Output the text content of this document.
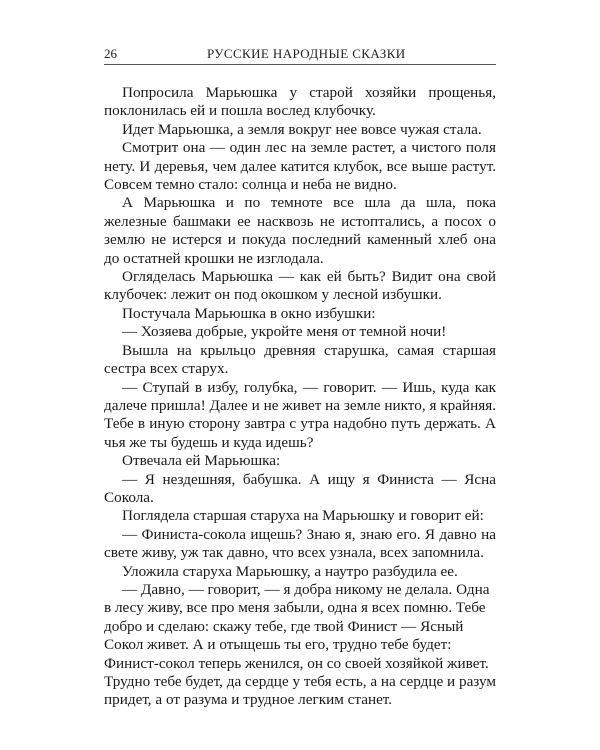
26	РУССКИЕ НАРОДНЫЕ СКАЗКИ

Попросила Марьюшка у старой хозяйки прощенья, поклонилась ей и пошла вослед клубочку.

Идет Марьюшка, а земля вокруг нее вовсе чужая стала.

Смотрит она — один лес на земле растет, а чистого поля нету. И деревья, чем далее катится клубок, все выше растут. Совсем темно стало: солнца и неба не видно.

А Марьюшка и по темноте все шла да шла, пока железные башмаки ее насквозь не истоптались, а посох о землю не истерся и покуда последний каменный хлеб она до остатней крошки не изглодала.

Огляделась Марьюшка — как ей быть? Видит она свой клубочек: лежит он под окошком у лесной избушки.

Постучала Марьюшка в окно избушки:

— Хозяева добрые, укройте меня от темной ночи!

Вышла на крыльцо древняя старушка, самая старшая сестра всех старух.

— Ступай в избу, голубка, — говорит. — Ишь, куда как далече пришла! Далее и не живет на земле никто, я крайняя. Тебе в иную сторону завтра с утра надобно путь держать. А чья же ты будешь и куда идешь?

Отвечала ей Марьюшка:

— Я нездешняя, бабушка. А ищу я Финиста — Ясна Сокола.

Поглядела старшая старуха на Марьюшку и говорит ей:

— Финиста-сокола ищешь? Знаю я, знаю его. Я давно на свете живу, уж так давно, что всех узнала, всех запомнила.

Уложила старуха Марьюшку, а наутро разбудила ее.

— Давно, — говорит, — я добра никому не делала. Одна в лесу живу, все про меня забыли, одна я всех помню. Тебе добро и сделаю: скажу тебе, где твой Финист — Ясный Сокол живет. А и отыщешь ты его, трудно тебе будет: Финист-сокол теперь женился, он со своей хозяйкой живет. Трудно тебе будет, да сердце у тебя есть, а на сердце и разум придет, а от разума и трудное легким станет.
